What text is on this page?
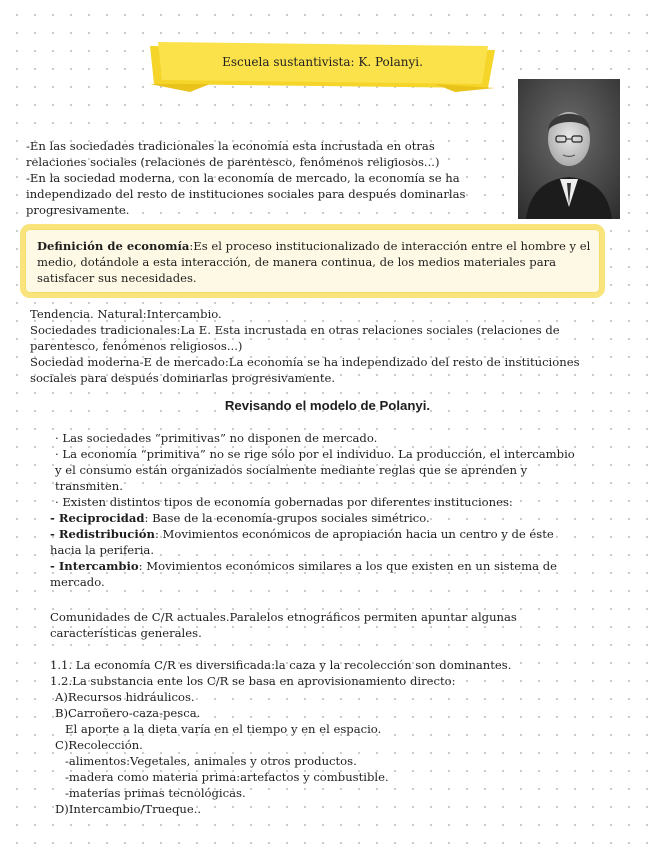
Escuela sustantivista: K. Polanyi.
-En las sociedades tradicionales la economía esta incrustada en otras
relaciones sociales (relaciones de parentesco, fenómenos religiosos...)
-En la sociedad moderna, con la economía de mercado, la economía se ha
independizado del resto de instituciones sociales para después dominarlas
progresivamente.
Definición de economía:Es el proceso institucionalizado de interacción entre el hombre y el medio, dotándole a esta interacción, de manera continua, de los medios materiales para satisfacer sus necesidades.
Tendencia. Natural:Intercambio.
Sociedades tradicionales:La E. Esta incrustada en otras relaciones sociales (relaciones de parentesco, fenómenos religiosos...)
Sociedad moderna-E de mercado:La economía se ha independizado del resto de instituciones sociales para después dominarlas progresivamente.
Revisando el modelo de Polanyi.
· Las sociedades “primitivas” no disponen de mercado.
· La economía “primitiva” no se rige sólo por el individuo. La producción, el intercambio y el consumo están organizados socialmente mediante reglas que se aprenden y transmiten.
· Existen distintos tipos de economía gobernadas por diferentes instituciones:
- Reciprocidad: Base de la economía-grupos sociales simétrico.
- Redistribución: Movimientos económicos de apropiación hacia un centro y de éste hacia la periferia.
- Intercambio: Movimientos económicos similares a los que existen en un sistema de mercado.
Comunidades de C/R actuales.Paralelos etnográficos permiten apuntar algunas características generales.
1.1. La economía C/R es diversificada:la caza y la recolección son dominantes.
1.2.La substancia ente los C/R se basa en aprovisionamiento directo:
A)Recursos hidráulicos.
B)Carroñero-caza-pesca.
El aporte a la dieta varía en el tiempo y en el espacio.
C)Recolección.
-alimentos:Vegetales, animales y otros productos.
-madera como materia prima:artefactos y combustible.
-materias primas tecnológicas.
D)Intercambio/Trueque..
